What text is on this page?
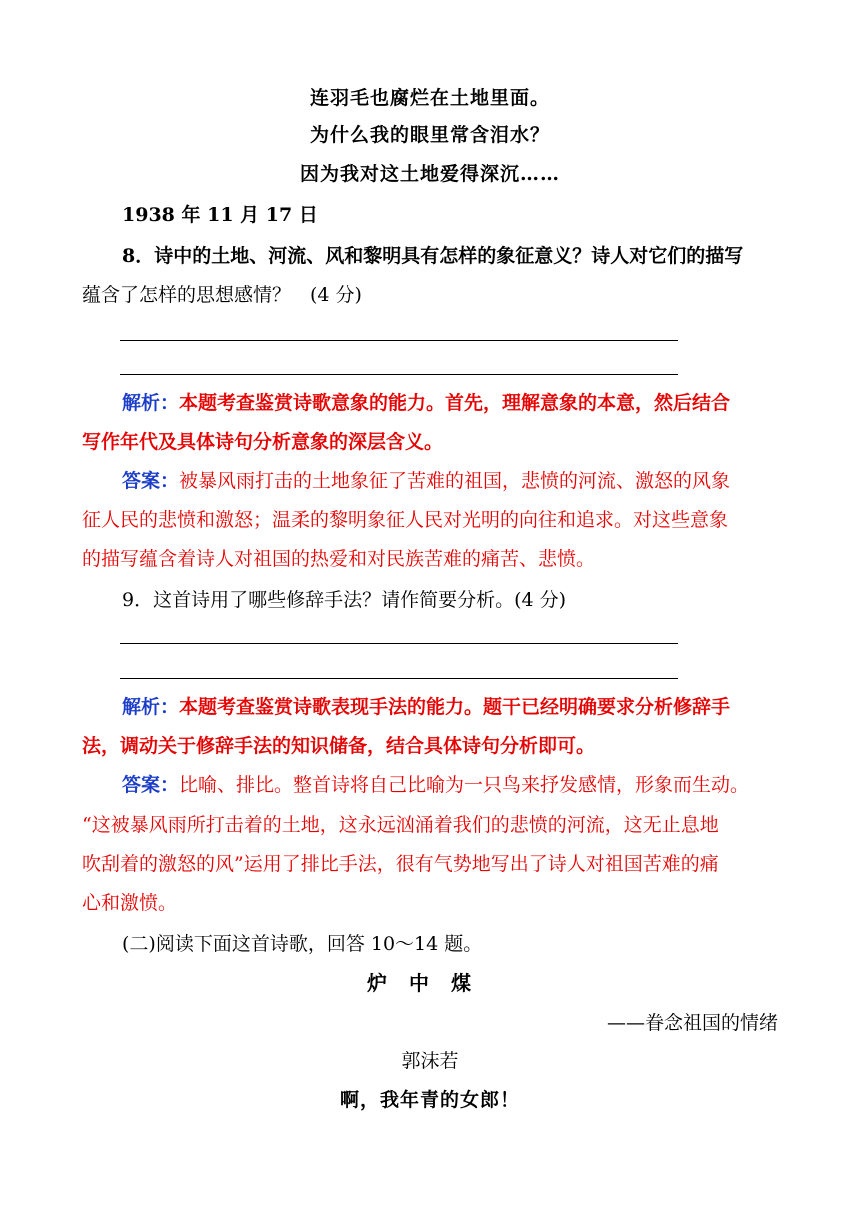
连羽毛也腐烂在土地里面。
为什么我的眼里常含泪水？
因为我对这土地爱得深沉……
1938 年 11 月 17 日
8．诗中的土地、河流、风和黎明具有怎样的象征意义？诗人对它们的描写
蕴含了怎样的思想感情？　(4 分)
解析：本题考查鉴赏诗歌意象的能力。首先，理解意象的本意，然后结合
写作年代及具体诗句分析意象的深层含义。
答案：被暴风雨打击的土地象征了苦难的祖国，悲愤的河流、激怒的风象
征人民的悲愤和激怒；温柔的黎明象征人民对光明的向往和追求。对这些意象
的描写蕴含着诗人对祖国的热爱和对民族苦难的痛苦、悲愤。
9．这首诗用了哪些修辞手法？请作简要分析。(4 分)
解析：本题考查鉴赏诗歌表现手法的能力。题干已经明确要求分析修辞手
法，调动关于修辞手法的知识储备，结合具体诗句分析即可。
答案：比喻、排比。整首诗将自己比喻为一只鸟来抒发感情，形象而生动。
“这被暴风雨所打击着的土地，这永远汹涌着我们的悲愤的河流，这无止息地
吹刮着的激怒的风”运用了排比手法，很有气势地写出了诗人对祖国苦难的痛
心和激愤。
(二)阅读下面这首诗歌，回答 10～14 题。
炉中煤
——眷念祖国的情绪
郭沫若
啊，我年青的女郎！
